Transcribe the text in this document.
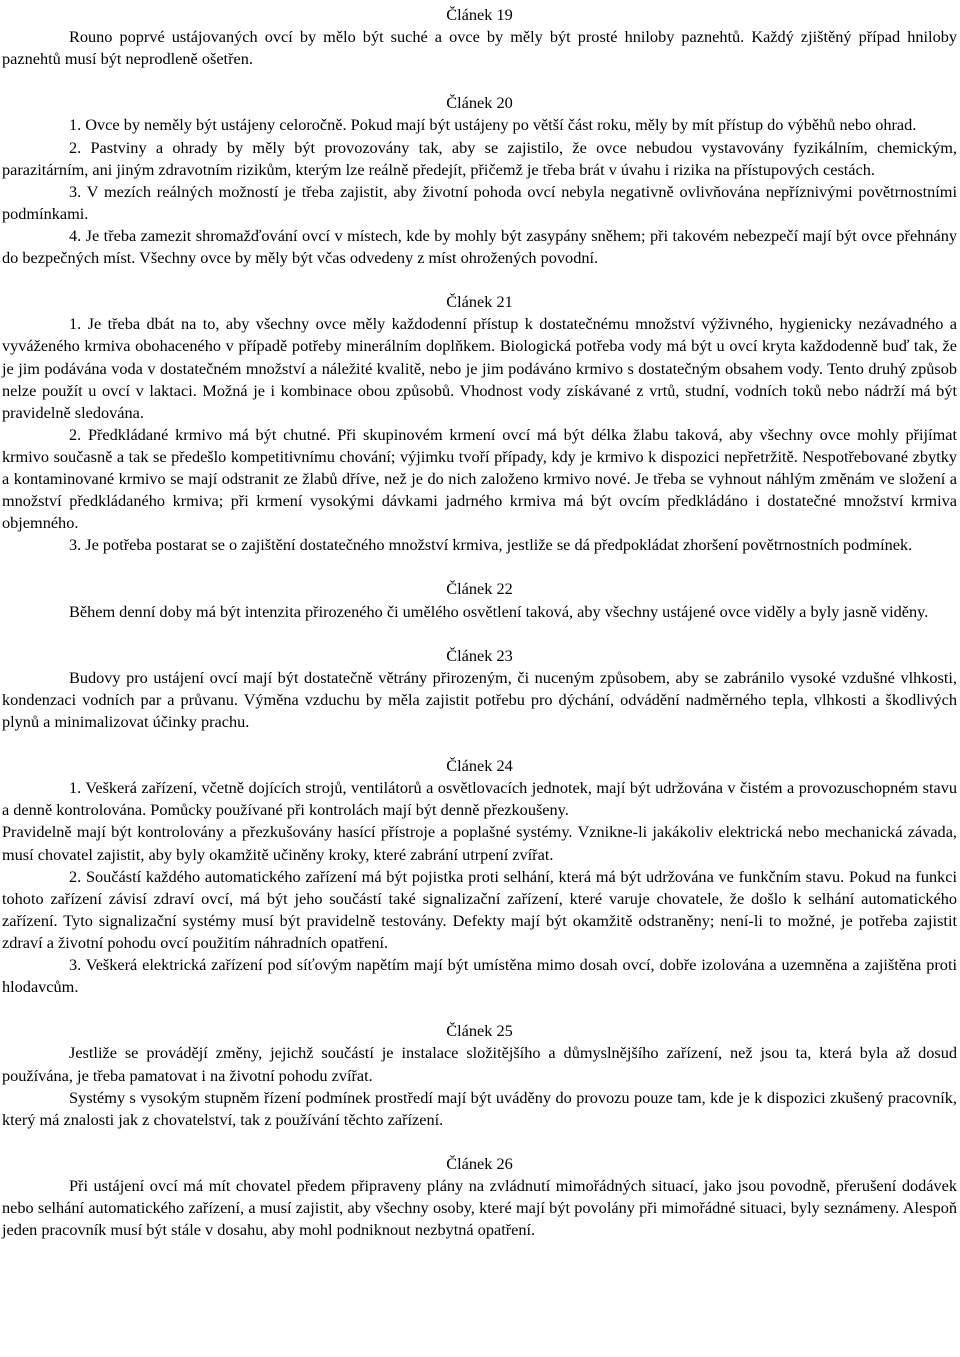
Článek 19

Rouno poprvé ustájovaných ovcí by mělo být suché a ovce by měly být prosté hniloby paznehtů. Každý zjištěný případ hniloby paznehtů musí být neprodleně ošetřen.

Článek 20

1. Ovce by neměly být ustájeny celoročně. Pokud mají být ustájeny po větší část roku, měly by mít přístup do výběhů nebo ohrad.

2. Pastviny a ohrady by měly být provozovány tak, aby se zajistilo, že ovce nebudou vystavovány fyzikálním, chemickým, parazitárním, ani jiným zdravotním rizikům, kterým lze reálně předejít, přičemž je třeba brát v úvahu i rizika na přístupových cestách.

3. V mezích reálných možností je třeba zajistit, aby životní pohoda ovcí nebyla negativně ovlivňována nepříznivými povětrnostními podmínkami.

4. Je třeba zamezit shromažďování ovcí v místech, kde by mohly být zasypány sněhem; při takovém nebezpečí mají být ovce přehnány do bezpečných míst. Všechny ovce by měly být včas odvedeny z míst ohrožených povodní.

Článek 21

1. Je třeba dbát na to, aby všechny ovce měly každodenní přístup k dostatečnému množství výživného, hygienicky nezávadného a vyváženého krmiva obohaceného v případě potřeby minerálním doplňkem. Biologická potřeba vody má být u ovcí kryta každodenně buď tak, že je jim podávána voda v dostatečném množství a náležité kvalitě, nebo je jim podáváno krmivo s dostatečným obsahem vody. Tento druhý způsob nelze použít u ovcí v laktaci. Možná je i kombinace obou způsobů. Vhodnost vody získávané z vrtů, studní, vodních toků nebo nádrží má být pravidelně sledována.

2. Předkládané krmivo má být chutné. Při skupinovém krmení ovcí má být délka žlabu taková, aby všechny ovce mohly přijímat krmivo současně a tak se předešlo kompetitivnímu chování; výjimku tvoří případy, kdy je krmivo k dispozici nepřetržitě. Nespotřebované zbytky a kontaminované krmivo se mají odstranit ze žlabů dříve, než je do nich založeno krmivo nové. Je třeba se vyhnout náhlým změnám ve složení a množství předkládaného krmiva; při krmení vysokými dávkami jadrného krmiva má být ovcím předkládáno i dostatečné množství krmiva objemného.

3. Je potřeba postarat se o zajištění dostatečného množství krmiva, jestliže se dá předpokládat zhoršení povětrnostních podmínek.

Článek 22

Během denní doby má být intenzita přirozeného či umělého osvětlení taková, aby všechny ustájené ovce viděly a byly jasně viděny.

Článek 23

Budovy pro ustájení ovcí mají být dostatečně větrány přirozeným, či nuceným způsobem, aby se zabránilo vysoké vzdušné vlhkosti, kondenzaci vodních par a průvanu. Výměna vzduchu by měla zajistit potřebu pro dýchání, odvádění nadměrného tepla, vlhkosti a škodlivých plynů a minimalizovat účinky prachu.

Článek 24

1. Veškerá zařízení, včetně dojících strojů, ventilátorů a osvětlovacích jednotek, mají být udržována v čistém a provozuschopném stavu a denně kontrolována. Pomůcky používané při kontrolách mají být denně přezkoušeny.

Pravidelně mají být kontrolovány a přezkušovány hasící přístroje a poplašné systémy. Vznikne-li jakákoliv elektrická nebo mechanická závada, musí chovatel zajistit, aby byly okamžitě učiněny kroky, které zabrání utrpení zvířat.

2. Součástí každého automatického zařízení má být pojistka proti selhání, která má být udržována ve funkčním stavu. Pokud na funkci tohoto zařízení závisí zdraví ovcí, má být jeho součástí také signalizační zařízení, které varuje chovatele, že došlo k selhání automatického zařízení. Tyto signalizační systémy musí být pravidelně testovány. Defekty mají být okamžitě odstraněny; není-li to možné, je potřeba zajistit zdraví a životní pohodu ovcí použitím náhradních opatření.

3. Veškerá elektrická zařízení pod síťovým napětím mají být umístěna mimo dosah ovcí, dobře izolována a uzemněna a zajištěna proti hlodavcům.

Článek 25

Jestliže se provádějí změny, jejichž součástí je instalace složitějšího a důmyslnějšího zařízení, než jsou ta, která byla až dosud používána, je třeba pamatovat i na životní pohodu zvířat.

Systémy s vysokým stupněm řízení podmínek prostředí mají být uváděny do provozu pouze tam, kde je k dispozici zkušený pracovník, který má znalosti jak z chovatelství, tak z používání těchto zařízení.

Článek 26

Při ustájení ovcí má mít chovatel předem připraveny plány na zvládnutí mimořádných situací, jako jsou povodně, přerušení dodávek nebo selhání automatického zařízení, a musí zajistit, aby všechny osoby, které mají být povolány při mimořádné situaci, byly seznámeny. Alespoň jeden pracovník musí být stále v dosahu, aby mohl podniknout nezbytná opatření.
